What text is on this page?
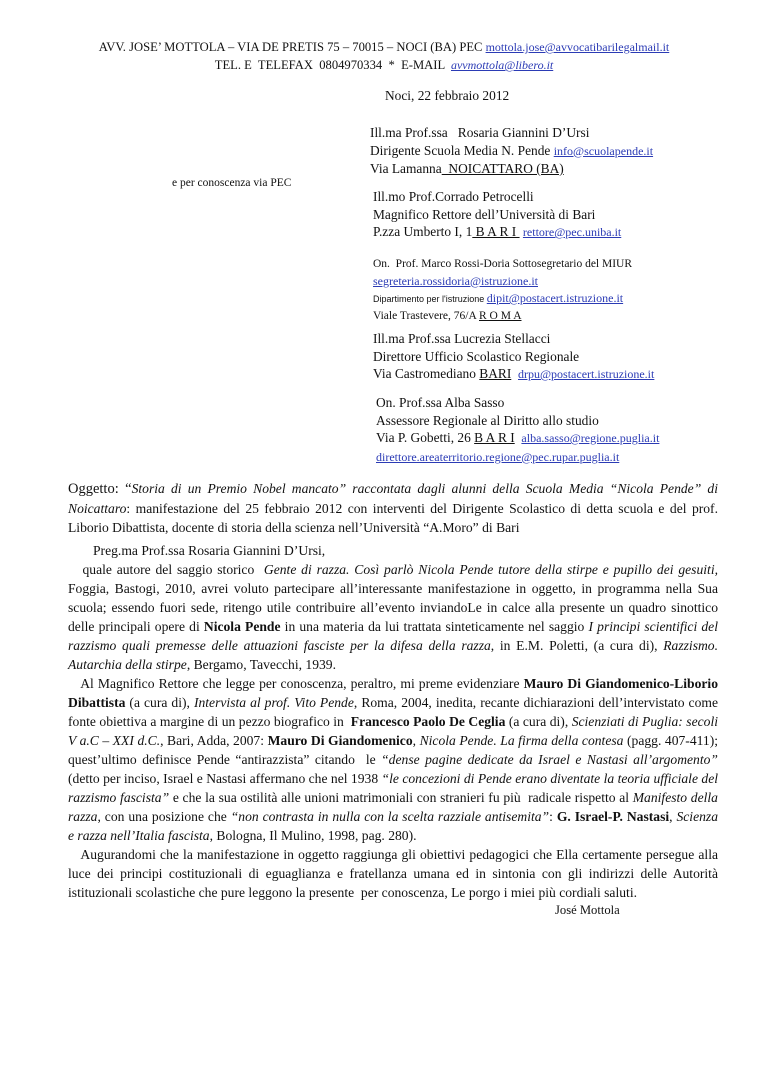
AVV. JOSE’ MOTTOLA – VIA DE PRETIS 75 – 70015 – NOCI (BA) PEC mottola.jose@avvocatibarilegalmail.it
TEL. E  TELEFAX  0804970334  *  E-MAIL  avvmottola@libero.it
Noci, 22 febbraio 2012
e per conoscenza via PEC
Ill.ma Prof.ssa   Rosaria Giannini D’Ursi
Dirigente Scuola Media N. Pende info@scuolapende.it
Via Lamanna  NOICATTARO (BA)
Ill.mo Prof.Corrado Petrocelli
Magnifico Rettore dell’Università di Bari
P.zza Umberto I, 1 B A R I  rettore@pec.uniba.it
On.  Prof. Marco Rossi-Doria Sottosegretario del MIUR
segreteria.rossidoria@istruzione.it
Dipartimento per l'istruzione dipit@postacert.istruzione.it
Viale Trastevere, 76/A R O M A
Ill.ma Prof.ssa Lucrezia Stellacci
Direttore Ufficio Scolastico Regionale
Via Castromediano BARI drpu@postacert.istruzione.it
On. Prof.ssa Alba Sasso
Assessore Regionale al Diritto allo studio
Via P. Gobetti, 26 B A R I alba.sasso@regione.puglia.it
direttore.areaterritorio.regione@pec.rupar.puglia.it

Oggetto: “Storia di un Premio Nobel mancato” raccontata dagli alunni della Scuola Media “Nicola Pende” di Noicattaro: manifestazione del 25 febbraio 2012 con interventi del Dirigente Scolastico di detta scuola e del prof. Liborio Dibattista, docente di storia della scienza nell’Università “A.Moro” di Bari

Preg.ma Prof.ssa Rosaria Giannini D’Ursi,

quale autore del saggio storico  Gente di razza. Così parlò Nicola Pende tutore della stirpe e pupillo dei gesuiti, Foggia, Bastogi, 2010, avrei voluto partecipare all’interessante manifestazione in oggetto, in programma nella Sua scuola; essendo fuori sede, ritengo utile contribuire all’evento inviandoLe in calce alla presente un quadro sinottico delle principali opere di Nicola Pende in una materia da lui trattata sinteticamente nel saggio I principi scientifici del razzismo quali premesse delle attuazioni fasciste per la difesa della razza, in E.M. Poletti, (a cura di), Razzismo. Autarchia della stirpe, Bergamo, Tavecchi, 1939.

Al Magnifico Rettore che legge per conoscenza, peraltro, mi preme evidenziare Mauro Di Giandomenico-Liborio Dibattista (a cura di), Intervista al prof. Vito Pende, Roma, 2004, inedita, recante dichiarazioni dell’intervistato come fonte obiettiva a margine di un pezzo biografico in  Francesco Paolo De Ceglia (a cura di), Scienziati di Puglia: secoli V a.C – XXI d.C., Bari, Adda, 2007: Mauro Di Giandomenico, Nicola Pende. La firma della contesa (pagg. 407-411); quest’ultimo definisce Pende “antirazzista” citando  le “dense pagine dedicate da Israel e Nastasi all’argomento” (detto per inciso, Israel e Nastasi affermano che nel 1938 “le concezioni di Pende erano diventate la teoria ufficiale del razzismo fascista” e che la sua ostilità alle unioni matrimoniali con stranieri fu più  radicale rispetto al Manifesto della razza, con una posizione che “non contrasta in nulla con la scelta razziale antisemita”: G. Israel-P. Nastasi, Scienza e razza nell’Italia fascista, Bologna, Il Mulino, 1998, pag. 280).

Augurandomi che la manifestazione in oggetto raggiunga gli obiettivi pedagogici che Ella certamente persegue alla luce dei principi costituzionali di eguaglianza e fratellanza umana ed in sintonia con gli indirizzi delle Autorità istituzionali scolastiche che pure leggono la presente  per conoscenza, Le porgo i miei più cordiali saluti.

José Mottola
